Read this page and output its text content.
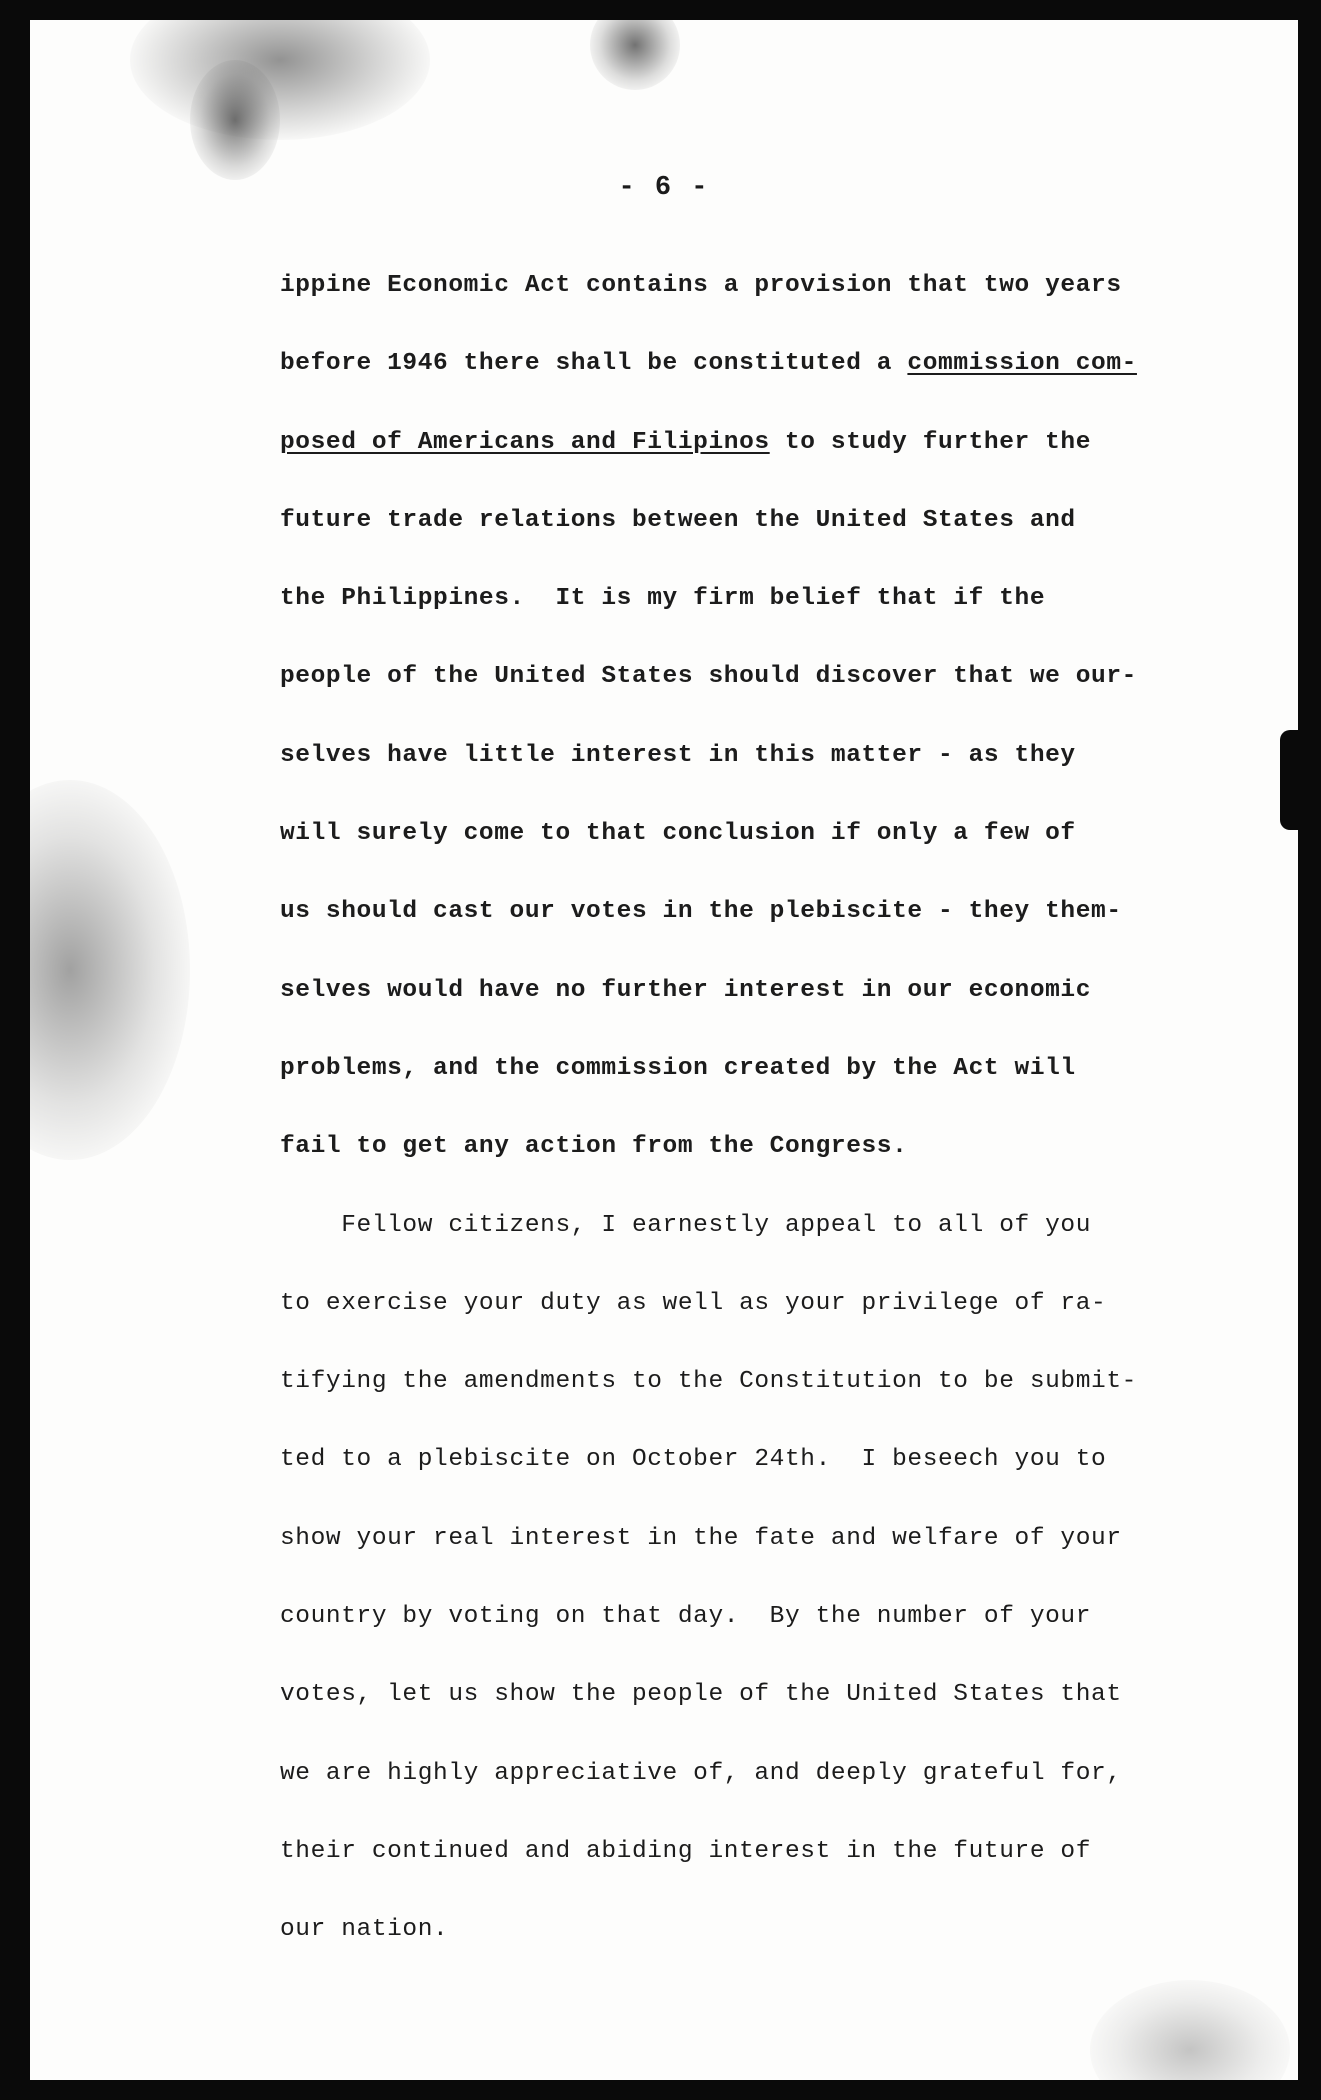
- 6 -
ippine Economic Act contains a provision that two years
before 1946 there shall be constituted a commission com-
posed of Americans and Filipinos to study further the
future trade relations between the United States and
the Philippines.  It is my firm belief that if the
people of the United States should discover that we our-
selves have little interest in this matter - as they
will surely come to that conclusion if only a few of
us should cast our votes in the plebiscite - they them-
selves would have no further interest in our economic
problems, and the commission created by the Act will
fail to get any action from the Congress.
Fellow citizens, I earnestly appeal to all of you
to exercise your duty as well as your privilege of ra-
tifying the amendments to the Constitution to be submit-
ted to a plebiscite on October 24th.  I beseech you to
show your real interest in the fate and welfare of your
country by voting on that day.  By the number of your
votes, let us show the people of the United States that
we are highly appreciative of, and deeply grateful for,
their continued and abiding interest in the future of
our nation.
